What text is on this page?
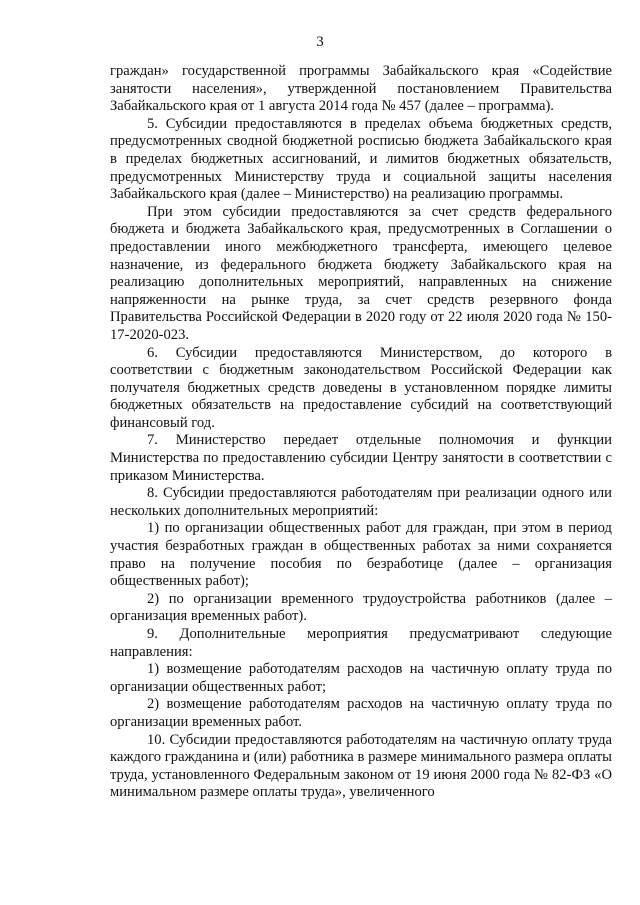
3

граждан» государственной программы Забайкальского края «Содействие занятости населения», утвержденной постановлением Правительства Забайкальского края от 1 августа 2014 года № 457 (далее – программа).

5. Субсидии предоставляются в пределах объема бюджетных средств, предусмотренных сводной бюджетной росписью бюджета Забайкальского края в пределах бюджетных ассигнований, и лимитов бюджетных обязательств, предусмотренных Министерству труда и социальной защиты населения Забайкальского края (далее – Министерство) на реализацию программы.

При этом субсидии предоставляются за счет средств федерального бюджета и бюджета Забайкальского края, предусмотренных в Соглашении о предоставлении иного межбюджетного трансферта, имеющего целевое назначение, из федерального бюджета бюджету Забайкальского края на реализацию дополнительных мероприятий, направленных на снижение напряженности на рынке труда, за счет средств резервного фонда Правительства Российской Федерации в 2020 году от 22 июля 2020 года № 150-17-2020-023.

6. Субсидии предоставляются Министерством, до которого в соответствии с бюджетным законодательством Российской Федерации как получателя бюджетных средств доведены в установленном порядке лимиты бюджетных обязательств на предоставление субсидий на соответствующий финансовый год.

7. Министерство передает отдельные полномочия и функции Министерства по предоставлению субсидии Центру занятости в соответствии с приказом Министерства.

8. Субсидии предоставляются работодателям при реализации одного или нескольких дополнительных мероприятий:

1) по организации общественных работ для граждан, при этом в период участия безработных граждан в общественных работах за ними сохраняется право на получение пособия по безработице (далее – организация общественных работ);

2) по организации временного трудоустройства работников (далее – организация временных работ).

9. Дополнительные мероприятия предусматривают следующие направления:

1) возмещение работодателям расходов на частичную оплату труда по организации общественных работ;

2) возмещение работодателям расходов на частичную оплату труда по организации временных работ.

10. Субсидии предоставляются работодателям на частичную оплату труда каждого гражданина и (или) работника в размере минимального размера оплаты труда, установленного Федеральным законом от 19 июня 2000 года № 82-ФЗ «О минимальном размере оплаты труда», увеличенного
